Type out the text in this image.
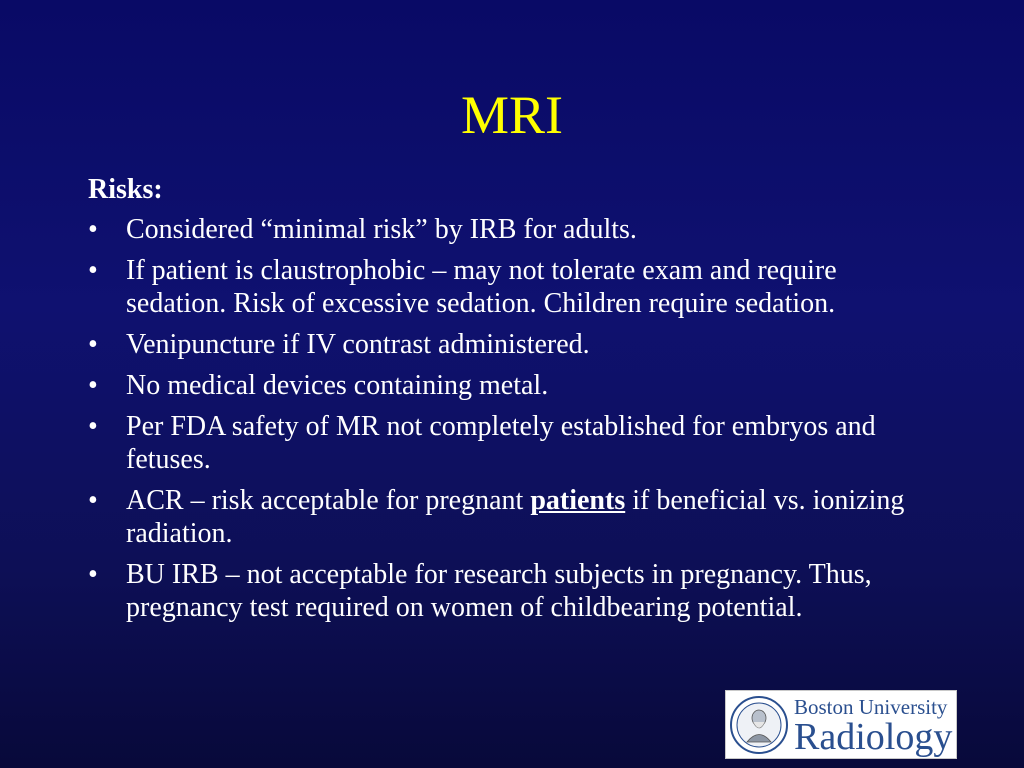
MRI

Risks:

•	Considered “minimal risk” by IRB for adults.
•	If patient is claustrophobic – may not tolerate exam and require sedation. Risk of excessive sedation. Children require sedation.
•	Venipuncture if IV contrast administered.
•	No medical devices containing metal.
•	Per FDA safety of MR not completely established for embryos and fetuses.
•	ACR – risk acceptable for pregnant patients if beneficial vs. ionizing radiation.
•	BU IRB – not acceptable for research subjects in pregnancy. Thus, pregnancy test required on women of childbearing potential.
Boston University
Radiology
